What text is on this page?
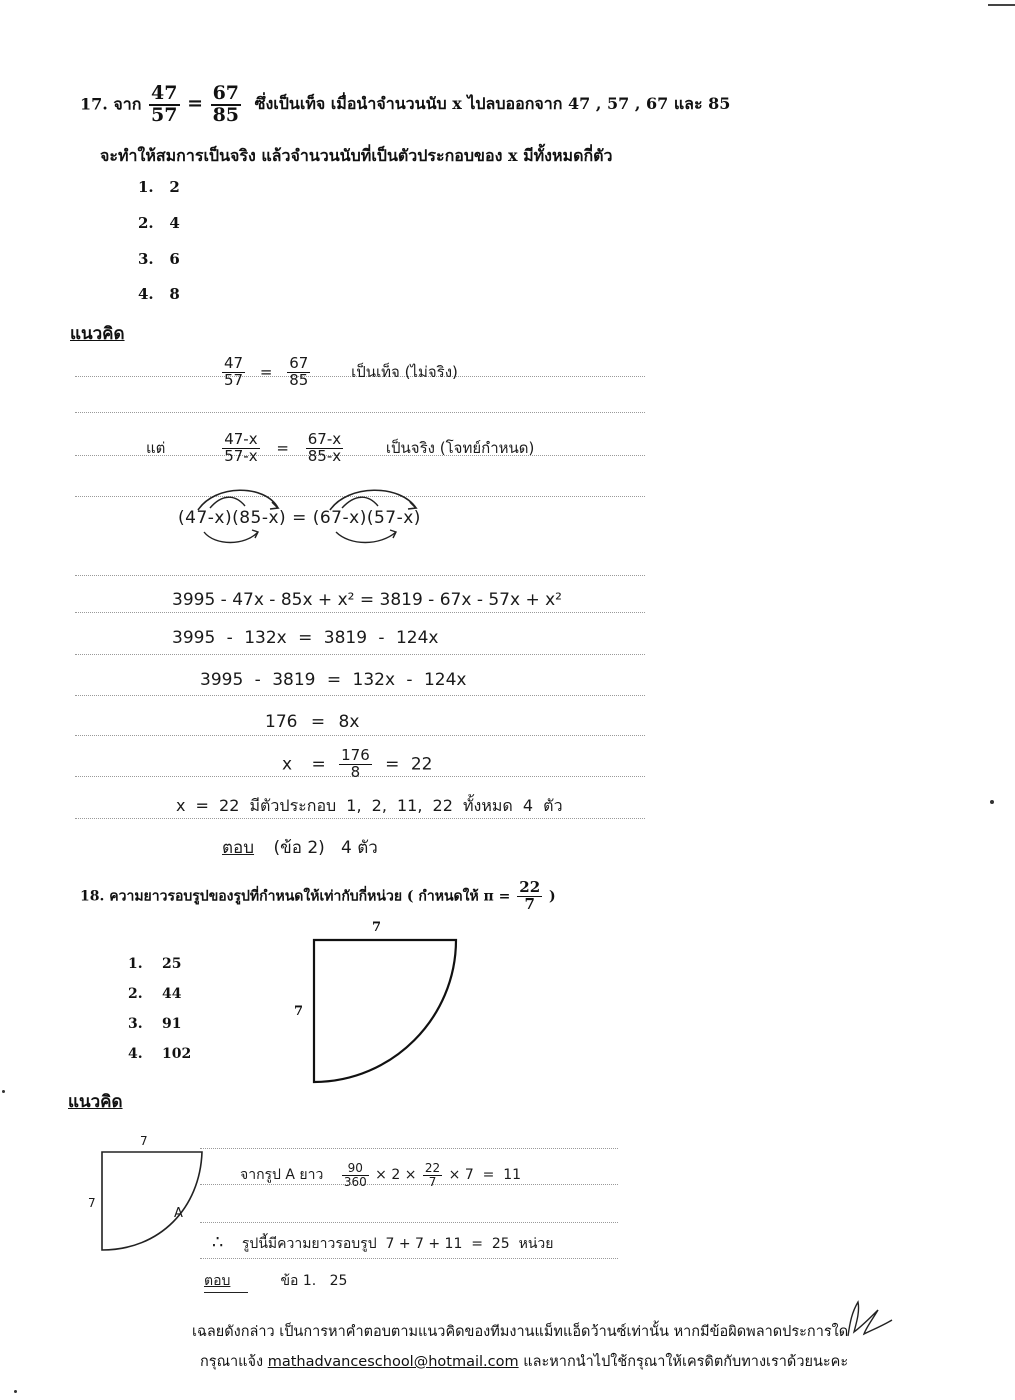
17. จาก $\frac{47}{57} = \frac{67}{85}$ ซึ่งเป็นเท็จ เมื่อนำจำนวนนับ x ไปลบออกจาก 47 , 57 , 67 และ 85
จะทำให้สมการเป็นจริง แล้วจำนวนนับที่เป็นตัวประกอบของ x มีทั้งหมดกี่ตัว
1. 2
2. 4
3. 6
4. 8
แนวคิด
$\frac{47}{57} = \frac{67}{85}$	เป็นเท็จ (ไม่จริง)
แต่	$\frac{47-x}{57-x} = \frac{67-x}{85-x}$	เป็นจริง (โจทย์กำหนด)
(47-x)(85-x) = (67-x)(57-x)
3995 - 47x - 85x + x² = 3819 - 67x - 57x + x²
3995 - 132x = 3819 - 124x
3995 - 3819 = 132x - 124x
176 = 8x
$x = \frac{176}{8} = 22$
x = 22 มีตัวประกอบ 1, 2, 11, 22 ทั้งหมด 4 ตัว
ตอบ (ข้อ 2)   4 ตัว
18. ความยาวรอบรูปของรูปที่กำหนดให้เท่ากับกี่หน่วย ( กำหนดให้ $\pi = \frac{22}{7}$ )
1. 25
2. 44
3. 91
4. 102
7
7
แนวคิด
7
7
A
จากรูป A ยาว $\frac{90}{360} \times 2 \times \frac{22}{7} \times 7 = 11$
∴ รูปนี้มีความยาวรอบรูป  7 + 7 + 11  =  25  หน่วย
ตอบ	ข้อ 1.   25
เฉลยดังกล่าว เป็นการหาคำตอบตามแนวคิดของทีมงานแม็ทแอ็ดว้านซ์เท่านั้น หากมีข้อผิดพลาดประการใด
กรุณาแจ้ง mathadvanceschool@hotmail.com และหากนำไปใช้กรุณาให้เครดิตกับทางเราด้วยนะคะ
